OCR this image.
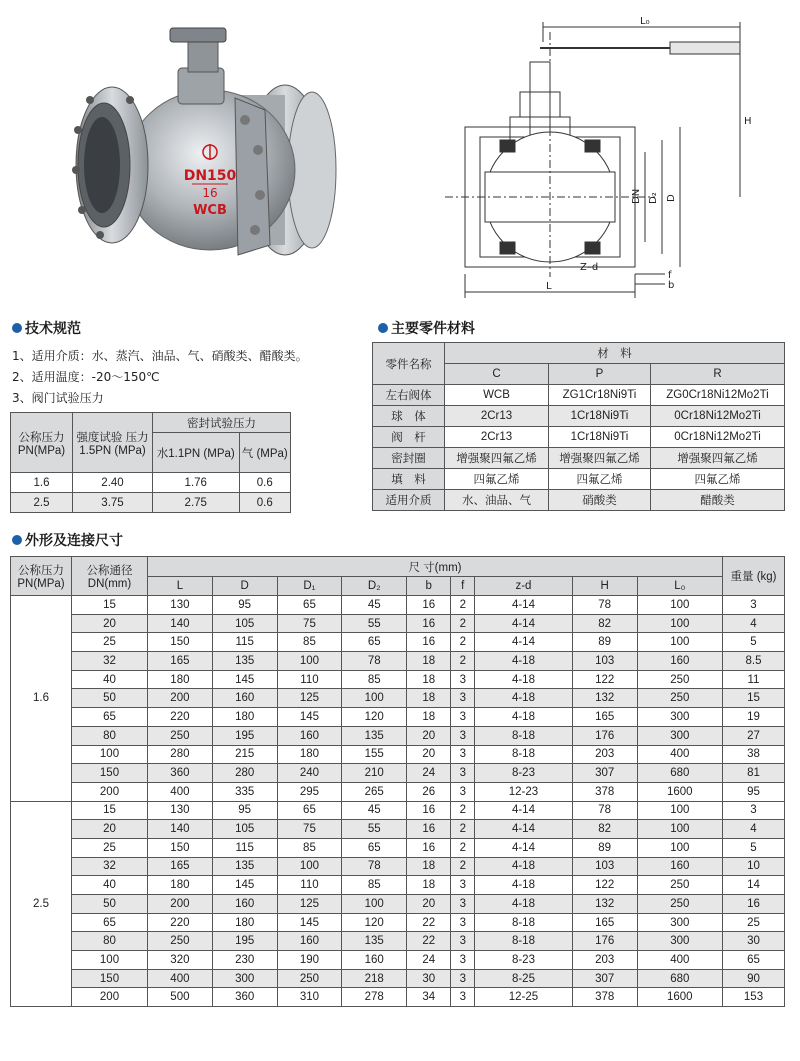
DN150
16
WCB
L₀
H
DN D₂ D
Z–d
f
b
L
技术规范
1、适用介质：水、蒸汽、油品、气、硝酸类、醋酸类。
2、适用温度：-20～150℃
3、阀门试验压力
公称压力 PN(MPa)	强度试验 压力1.5PN (MPa)	密封试验压力	
		水1.1PN (MPa)	气 (MPa)
1.6	2.40	1.76	0.6
2.5	3.75	2.75	0.6
主要零件材料
零件名称	材　料		
	C	P	R
左右阀体	WCB	ZG1Cr18Ni9Ti	ZG0Cr18Ni12Mo2Ti
球　体	2Cr13	1Cr18Ni9Ti	0Cr18Ni12Mo2Ti
阀　杆	2Cr13	1Cr18Ni9Ti	0Cr18Ni12Mo2Ti
密封圈	增强聚四氟乙烯	增强聚四氟乙烯	增强聚四氟乙烯
填　料	四氟乙烯	四氟乙烯	四氟乙烯
适用介质	水、油品、气	硝酸类	醋酸类
外形及连接尺寸
公称压力 PN(MPa)	公称通径 DN(mm)	尺 寸(mm)									重量 (kg)
		L	D	D₁	D₂	b	f	z-d	H	L₀	
1.6	15	130	95	65	45	16	2	4-14	78	100	3
	20	140	105	75	55	16	2	4-14	82	100	4
	25	150	115	85	65	16	2	4-14	89	100	5
	32	165	135	100	78	18	2	4-18	103	160	8.5
	40	180	145	110	85	18	3	4-18	122	250	11
	50	200	160	125	100	18	3	4-18	132	250	15
	65	220	180	145	120	18	3	4-18	165	300	19
	80	250	195	160	135	20	3	8-18	176	300	27
	100	280	215	180	155	20	3	8-18	203	400	38
	150	360	280	240	210	24	3	8-23	307	680	81
	200	400	335	295	265	26	3	12-23	378	1600	95
2.5	15	130	95	65	45	16	2	4-14	78	100	3
	20	140	105	75	55	16	2	4-14	82	100	4
	25	150	115	85	65	16	2	4-14	89	100	5
	32	165	135	100	78	18	2	4-18	103	160	10
	40	180	145	110	85	18	3	4-18	122	250	14
	50	200	160	125	100	20	3	4-18	132	250	16
	65	220	180	145	120	22	3	8-18	165	300	25
	80	250	195	160	135	22	3	8-18	176	300	30
	100	320	230	190	160	24	3	8-23	203	400	65
	150	400	300	250	218	30	3	8-25	307	680	90
	200	500	360	310	278	34	3	12-25	378	1600	153
